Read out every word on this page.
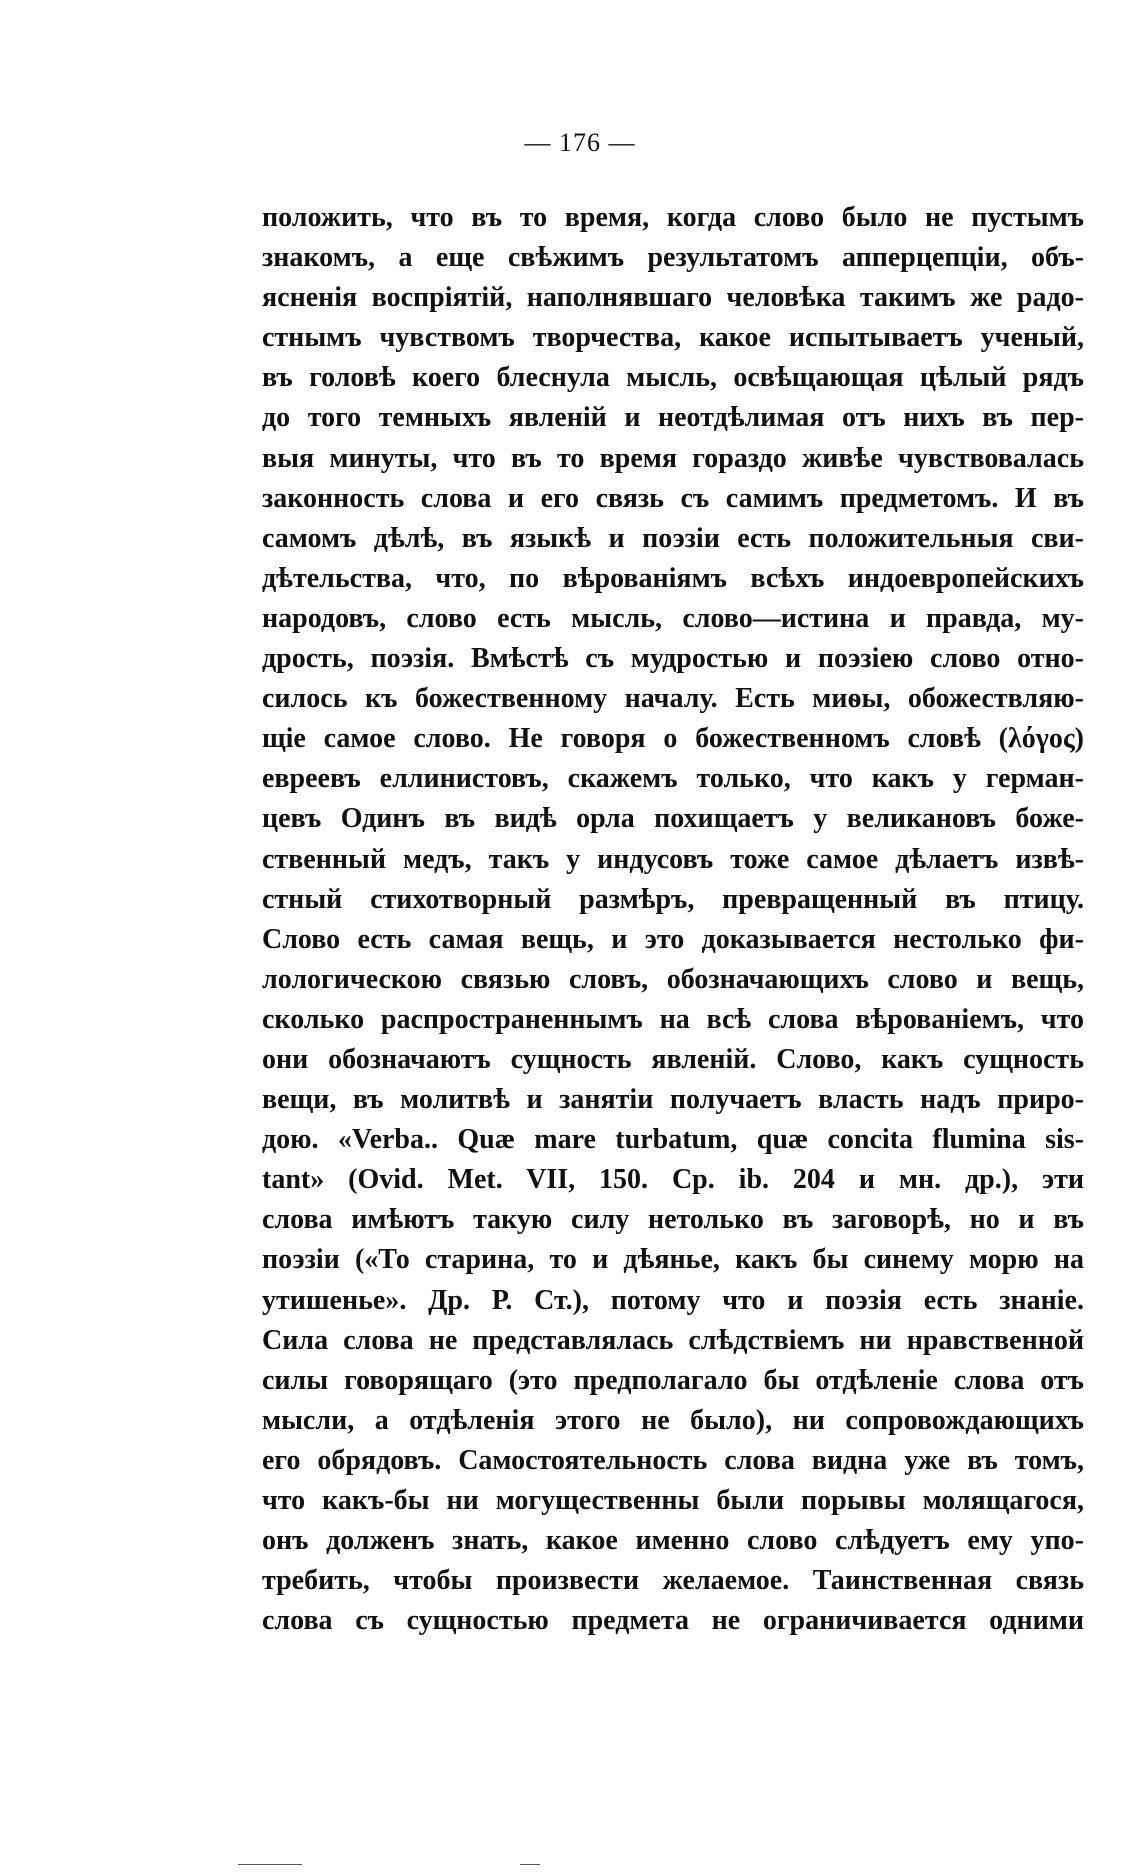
— 176 —
положить, что въ то время, когда слово было не пустымъ
знакомъ, а еще свѣжимъ результатомъ апперцепціи, объ-
ясненія воспріятій, наполнявшаго человѣка такимъ же радо-
стнымъ чувствомъ творчества, какое испытываетъ ученый,
въ головѣ коего блеснула мысль, освѣщающая цѣлый рядъ
до того темныхъ явленій и неотдѣлимая отъ нихъ въ пер-
выя минуты, что въ то время гораздо живѣе чувствовалась
законность слова и его связь съ самимъ предметомъ. И въ
самомъ дѣлѣ, въ языкѣ и поэзіи есть положительныя сви-
дѣтельства, что, по вѣрованіямъ всѣхъ индоевропейскихъ
народовъ, слово есть мысль, слово—истина и правда, му-
дрость, поэзія. Вмѣстѣ съ мудростью и поэзіею слово отно-
силось къ божественному началу. Есть миѳы, обожествляю-
щіе самое слово. Не говоря о божественномъ словѣ (λόγος)
евреевъ еллинистовъ, скажемъ только, что какъ у герман-
цевъ Одинъ въ видѣ орла похищаетъ у великановъ боже-
ственный медъ, такъ у индусовъ тоже самое дѣлаетъ извѣ-
стный стихотворный размѣръ, превращенный въ птицу.
Слово есть самая вещь, и это доказывается нестолько фи-
лологическою связью словъ, обозначающихъ слово и вещь,
сколько распространеннымъ на всѣ слова вѣрованіемъ, что
они обозначаютъ сущность явленій. Слово, какъ сущность
вещи, въ молитвѣ и занятіи получаетъ власть надъ приро-
дою. «Verba.. Quæ mare turbatum, quæ concita flumina sis-
tant» (Ovid. Met. VII, 150. Cp. ib. 204 и мн. др.), эти
слова имѣютъ такую силу нетолько въ заговорѣ, но и въ
поэзіи («То старина, то и дѣянье, какъ бы синему морю на
утишенье». Др. Р. Ст.), потому что и поэзія есть знаніе.
Сила слова не представлялась слѣдствіемъ ни нравственной
силы говорящаго (это предполагало бы отдѣленіе слова отъ
мысли, а отдѣленія этого не было), ни сопровождающихъ
его обрядовъ. Самостоятельность слова видна уже въ томъ,
что какъ-бы ни могущественны были порывы молящагося,
онъ долженъ знать, какое именно слово слѣдуетъ ему упо-
требить, чтобы произвести желаемое. Таинственная связь
слова съ сущностью предмета не ограничивается одними
